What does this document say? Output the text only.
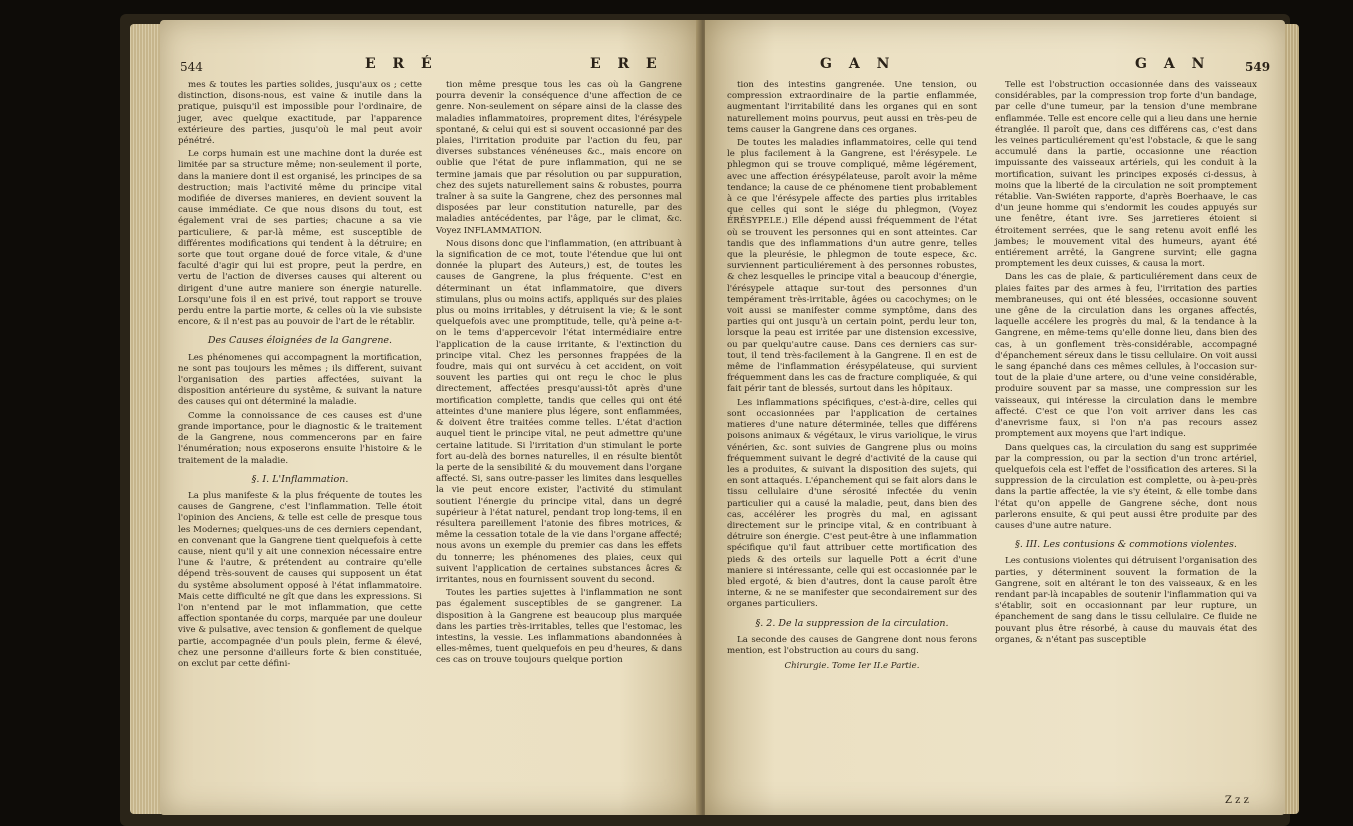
544	E R É	E R E

mes & toutes les parties solides, jusqu'aux os ; cette distinction, disons-nous, est vaine & inutile dans la pratique, puisqu'il est impossible pour l'ordinaire, de juger, avec quelque exactitude, par l'apparence extérieure des parties, jusqu'où le mal peut avoir pénétré.

Le corps humain est une machine dont la durée est limitée par sa structure même; non-seulement il porte, dans la maniere dont il est organisé, les principes de sa destruction; mais l'activité même du principe vital modifiée de diverses manieres, en devient souvent la cause immédiate. Ce que nous disons du tout, est également vrai de ses parties; chacune a sa vie particuliere, & par-là même, est susceptible de différentes modifications qui tendent à la détruire; en sorte que tout organe doué de force vitale, & d'une faculté d'agir qui lui est propre, peut la perdre, en vertu de l'action de diverses causes qui alterent ou dirigent d'une autre maniere son énergie naturelle. Lorsqu'une fois il en est privé, tout rapport se trouve perdu entre la partie morte, & celles où la vie subsiste encore, & il n'est pas au pouvoir de l'art de le rétablir.

Des Causes éloignées de la Gangrene.

Les phénomenes qui accompagnent la mortification, ne sont pas toujours les mêmes ; ils different, suivant l'organisation des parties affectées, suivant la disposition antérieure du systême, & suivant la nature des causes qui ont déterminé la maladie.

Comme la connoissance de ces causes est d'une grande importance, pour le diagnostic & le traitement de la Gangrene, nous commencerons par en faire l'énumération; nous exposerons ensuite l'histoire & le traitement de la maladie.

§. I. L'Inflammation.

La plus manifeste & la plus fréquente de toutes les causes de Gangrene, c'est l'inflammation. Telle étoit l'opinion des Anciens, & telle est celle de presque tous les Modernes; quelques-uns de ces derniers cependant, en convenant que la Gangrene tient quelquefois à cette cause, nient qu'il y ait une connexion nécessaire entre l'une & l'autre, & prétendent au contraire qu'elle dépend très-souvent de causes qui supposent un état du systême absolument opposé à l'état inflammatoire. Mais cette difficulté ne gît que dans les expressions. Si l'on n'entend par le mot inflammation, que cette affection spontanée du corps, marquée par une douleur vive & pulsative, avec tension & gonflement de quelque partie, accompagnée d'un pouls plein, ferme & élevé, chez une personne d'ailleurs forte & bien constituée, on exclut par cette défini-

tion même presque tous les cas où la Gangrene pourra devenir la conséquence d'une affection de ce genre. Non-seulement on sépare ainsi de la classe des maladies inflammatoires, proprement dites, l'érésypele spontané, & celui qui est si souvent occasionné par des plaies, l'irritation produite par l'action du feu, par diverses substances vénéneuses &c., mais encore on oublie que l'état de pure inflammation, qui ne se termine jamais que par résolution ou par suppuration, chez des sujets naturellement sains & robustes, pourra traîner à sa suite la Gangrene, chez des personnes mal disposées par leur constitution naturelle, par des maladies antécédentes, par l'âge, par le climat, &c. Voyez INFLAMMATION.

Nous disons donc que l'inflammation, (en attribuant à la signification de ce mot, toute l'étendue que lui ont donnée la plupart des Auteurs,) est, de toutes les causes de Gangrene, la plus fréquente. C'est en déterminant un état inflammatoire, que divers stimulans, plus ou moins actifs, appliqués sur des plaies plus ou moins irritables, y détruisent la vie; & le sont quelquefois avec une promptitude, telle, qu'à peine a-t-on le tems d'appercevoir l'état intermédiaire entre l'application de la cause irritante, & l'extinction du principe vital. Chez les personnes frappées de la foudre, mais qui ont survécu à cet accident, on voit souvent les parties qui ont reçu le choc le plus directement, affectées presqu'aussi-tôt après d'une mortification complette, tandis que celles qui ont été atteintes d'une maniere plus légere, sont enflammées, & doivent être traitées comme telles. L'état d'action auquel tient le principe vital, ne peut admettre qu'une certaine latitude. Si l'irritation d'un stimulant le porte fort au-delà des bornes naturelles, il en résulte bientôt la perte de la sensibilité & du mouvement dans l'organe affecté. Si, sans outre-passer les limites dans lesquelles la vie peut encore exister, l'activité du stimulant soutient l'énergie du principe vital, dans un degré supérieur à l'état naturel, pendant trop long-tems, il en résultera pareillement l'atonie des fibres motrices, & même la cessation totale de la vie dans l'organe affecté; nous avons un exemple du premier cas dans les effets du tonnerre; les phénomenes des plaies, ceux qui suivent l'application de certaines substances âcres & irritantes, nous en fournissent souvent du second.

Toutes les parties sujettes à l'inflammation ne sont pas également susceptibles de se gangrener. La disposition à la Gangrene est beaucoup plus marquée dans les parties très-irritables, telles que l'estomac, les intestins, la vessie. Les inflammations abandonnées à elles-mêmes, tuent quelquefois en peu d'heures, & dans ces cas on trouve toujours quelque portion

G A N	G A N	549

tion des intestins gangrenée. Une tension, ou compression extraordinaire de la partie enflammée, augmentant l'irritabilité dans les organes qui en sont naturellement moins pourvus, peut aussi en très-peu de tems causer la Gangrene dans ces organes.

De toutes les maladies inflammatoires, celle qui tend le plus facilement à la Gangrene, est l'érésypele. Le phlegmon qui se trouve compliqué, même légérement, avec une affection érésypélateuse, paroît avoir la même tendance; la cause de ce phénomene tient probablement à ce que l'érésypele affecte des parties plus irritables que celles qui sont le siége du phlegmon, (Voyez ÉRÉSYPELE.) Elle dépend aussi fréquemment de l'état où se trouvent les personnes qui en sont atteintes. Car tandis que des inflammations d'un autre genre, telles que la pleurésie, le phlegmon de toute espece, &c. surviennent particuliérement à des personnes robustes, & chez lesquelles le principe vital a beaucoup d'énergie, l'érésypele attaque sur-tout des personnes d'un tempérament très-irritable, âgées ou cacochymes; on le voit aussi se manifester comme symptôme, dans des parties qui ont jusqu'à un certain point, perdu leur ton, lorsque la peau est irritée par une distension excessive, ou par quelqu'autre cause. Dans ces derniers cas sur-tout, il tend très-facilement à la Gangrene. Il en est de même de l'inflammation érésypélateuse, qui survient fréquemment dans les cas de fracture compliquée, & qui fait périr tant de blessés, surtout dans les hôpitaux.

Les inflammations spécifiques, c'est-à-dire, celles qui sont occasionnées par l'application de certaines matieres d'une nature déterminée, telles que différens poisons animaux & végétaux, le virus variolique, le virus vénérien, &c. sont suivies de Gangrene plus ou moins fréquemment suivant le degré d'activité de la cause qui les a produites, & suivant la disposition des sujets, qui en sont attaqués. L'épanchement qui se fait alors dans le tissu cellulaire d'une sérosité infectée du venin particulier qui a causé la maladie, peut, dans bien des cas, accélérer les progrès du mal, en agissant directement sur le principe vital, & en contribuant à détruire son énergie. C'est peut-être à une inflammation spécifique qu'il faut attribuer cette mortification des pieds & des orteils sur laquelle Pott a écrit d'une maniere si intéressante, celle qui est occasionnée par le bled ergoté, & bien d'autres, dont la cause paroît être interne, & ne se manifester que secondairement sur des organes particuliers.

§. 2. De la suppression de la circulation.

La seconde des causes de Gangrene dont nous ferons mention, est l'obstruction au cours du sang.

Chirurgie. Tome Ier II.e Partie.

Telle est l'obstruction occasionnée dans des vaisseaux considérables, par la compression trop forte d'un bandage, par celle d'une tumeur, par la tension d'une membrane enflammée. Telle est encore celle qui a lieu dans une hernie étranglée. Il paroît que, dans ces différens cas, c'est dans les veines particuliérement qu'est l'obstacle, & que le sang accumulé dans la partie, occasionne une réaction impuissante des vaisseaux artériels, qui les conduit à la mortification, suivant les principes exposés ci-dessus, à moins que la liberté de la circulation ne soit promptement rétablie. Van-Swiéten rapporte, d'après Boerhaave, le cas d'un jeune homme qui s'endormit les coudes appuyés sur une fenêtre, étant ivre. Ses jarretieres étoient si étroitement serrées, que le sang retenu avoit enflé les jambes; le mouvement vital des humeurs, ayant été entiérement arrêté, la Gangrene survint; elle gagna promptement les deux cuisses, & causa la mort.

Dans les cas de plaie, & particuliérement dans ceux de plaies faites par des armes à feu, l'irritation des parties membraneuses, qui ont été blessées, occasionne souvent une gêne de la circulation dans les organes affectés, laquelle accélere les progrès du mal, & la tendance à la Gangrene, en même-tems qu'elle donne lieu, dans bien des cas, à un gonflement très-considérable, accompagné d'épanchement séreux dans le tissu cellulaire. On voit aussi le sang épanché dans ces mêmes cellules, à l'occasion sur-tout de la plaie d'une artere, ou d'une veine considérable, produire souvent par sa masse, une compression sur les vaisseaux, qui intéresse la circulation dans le membre affecté. C'est ce que l'on voit arriver dans les cas d'anevrisme faux, si l'on n'a pas recours assez promptement aux moyens que l'art indique.

Dans quelques cas, la circulation du sang est supprimée par la compression, ou par la section d'un tronc artériel, quelquefois cela est l'effet de l'ossification des arteres. Si la suppression de la circulation est complette, ou à-peu-près dans la partie affectée, la vie s'y éteint, & elle tombe dans l'état qu'on appelle de Gangrene séche, dont nous parlerons ensuite, & qui peut aussi être produite par des causes d'une autre nature.

§. III. Les contusions & commotions violentes.

Les contusions violentes qui détruisent l'organisation des parties, y déterminent souvent la formation de la Gangrene, soit en altérant le ton des vaisseaux, & en les rendant par-là incapables de soutenir l'inflammation qui va s'établir, soit en occasionnant par leur rupture, un épanchement de sang dans le tissu cellulaire. Ce fluide ne pouvant plus être résorbé, à cause du mauvais état des organes, & n'étant pas susceptible

Z z z
